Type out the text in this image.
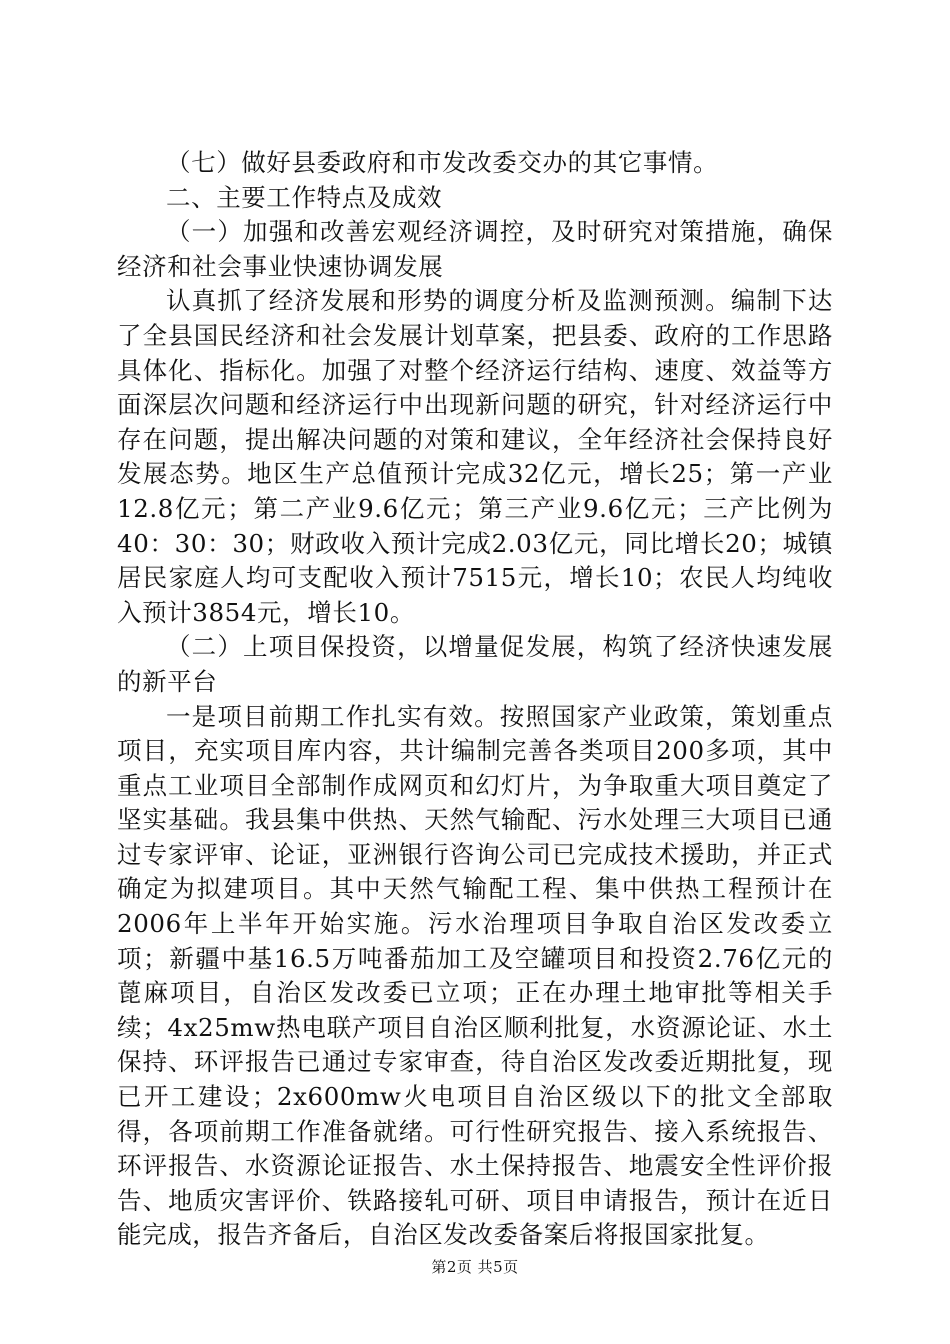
（七）做好县委政府和市发改委交办的其它事情。

二、主要工作特点及成效

（一）加强和改善宏观经济调控，及时研究对策措施，确保经济和社会事业快速协调发展

认真抓了经济发展和形势的调度分析及监测预测。编制下达了全县国民经济和社会发展计划草案，把县委、政府的工作思路具体化、指标化。加强了对整个经济运行结构、速度、效益等方面深层次问题和经济运行中出现新问题的研究，针对经济运行中存在问题，提出解决问题的对策和建议，全年经济社会保持良好发展态势。地区生产总值预计完成32亿元，增长25；第一产业12.8亿元；第二产业9.6亿元；第三产业9.6亿元；三产比例为40：30：30；财政收入预计完成2.03亿元，同比增长20；城镇居民家庭人均可支配收入预计7515元，增长10；农民人均纯收入预计3854元，增长10。

（二）上项目保投资，以增量促发展，构筑了经济快速发展的新平台

一是项目前期工作扎实有效。按照国家产业政策，策划重点项目，充实项目库内容，共计编制完善各类项目200多项，其中重点工业项目全部制作成网页和幻灯片，为争取重大项目奠定了坚实基础。我县集中供热、天然气输配、污水处理三大项目已通过专家评审、论证，亚洲银行咨询公司已完成技术援助，并正式确定为拟建项目。其中天然气输配工程、集中供热工程预计在2006年上半年开始实施。污水治理项目争取自治区发改委立项；新疆中基16.5万吨番茄加工及空罐项目和投资2.76亿元的蓖麻项目，自治区发改委已立项；正在办理土地审批等相关手续；4x25mw热电联产项目自治区顺利批复，水资源论证、水土保持、环评报告已通过专家审查，待自治区发改委近期批复，现已开工建设；2x600mw火电项目自治区级以下的批文全部取得，各项前期工作准备就绪。可行性研究报告、接入系统报告、环评报告、水资源论证报告、水土保持报告、地震安全性评价报告、地质灾害评价、铁路接轧可研、项目申请报告，预计在近日能完成，报告齐备后，自治区发改委备案后将报国家批复。

第2页 共5页
